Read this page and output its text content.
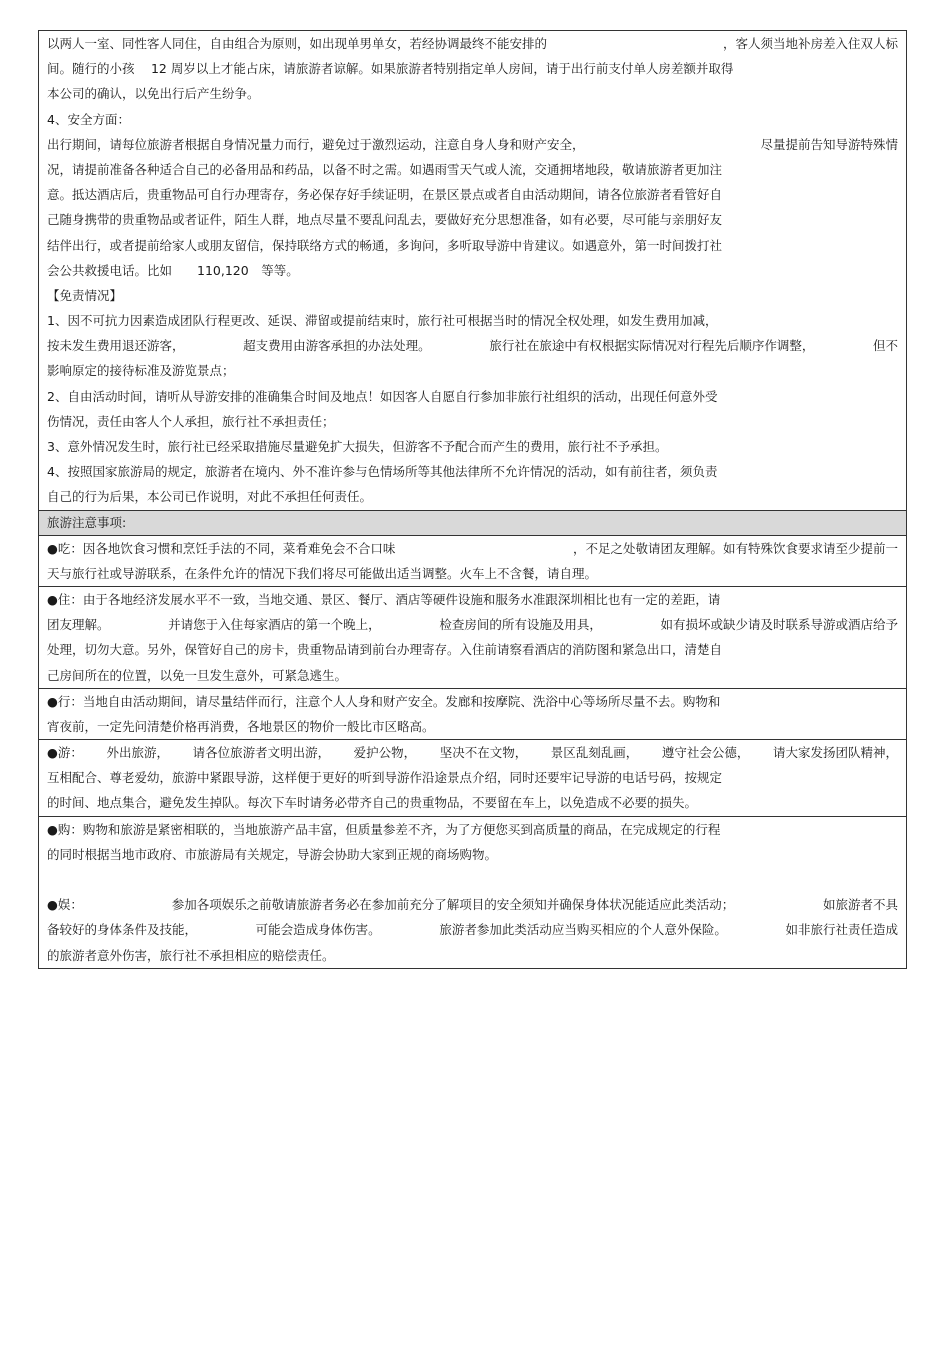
以两人一室、同性客人同住，自由组合为原则，如出现单男单女，若经协调最终不能安排的	，客人须当地补房差入住双人标
间。随行的小孩　 12 周岁以上才能占床，请旅游者谅解。如果旅游者特别指定单人房间，请于出行前支付单人房差额并取得
本公司的确认，以免出行后产生纷争。
4、安全方面：
出行期间，请每位旅游者根据自身情况量力而行，避免过于激烈运动，注意自身人身和财产安全，	尽量提前告知导游特殊情
况，请提前准备各种适合自己的必备用品和药品，以备不时之需。如遇雨雪天气或人流，交通拥堵地段，敬请旅游者更加注
意。抵达酒店后，贵重物品可自行办理寄存，务必保存好手续证明，在景区景点或者自由活动期间，请各位旅游者看管好自
己随身携带的贵重物品或者证件，陌生人群，地点尽量不要乱问乱去，要做好充分思想准备，如有必要，尽可能与亲朋好友
结伴出行，或者提前给家人或朋友留信，保持联络方式的畅通，多询问，多听取导游中肯建议。如遇意外，第一时间拨打社
会公共救援电话。比如　　110,120　等等。
【免责情况】
1、因不可抗力因素造成团队行程更改、延误、滞留或提前结束时，旅行社可根据当时的情况全权处理，如发生费用加减，
按未发生费用退还游客，	超支费用由游客承担的办法处理。	旅行社在旅途中有权根据实际情况对行程先后顺序作调整，	但不
影响原定的接待标准及游览景点；
2、自由活动时间，请听从导游安排的准确集合时间及地点！如因客人自愿自行参加非旅行社组织的活动，出现任何意外受
伤情况，责任由客人个人承担，旅行社不承担责任；
3、意外情况发生时，旅行社已经采取措施尽量避免扩大损失，但游客不予配合而产生的费用，旅行社不予承担。
4、按照国家旅游局的规定，旅游者在境内、外不准许参与色情场所等其他法律所不允许情况的活动，如有前往者，须负责
自己的行为后果，本公司已作说明，对此不承担任何责任。
旅游注意事项:
●吃：因各地饮食习惯和烹饪手法的不同，菜肴难免会不合口味	，不足之处敬请团友理解。如有特殊饮食要求请至少提前一
天与旅行社或导游联系，在条件允许的情况下我们将尽可能做出适当调整。火车上不含餐，请自理。
●住：由于各地经济发展水平不一致，当地交通、景区、餐厅、酒店等硬件设施和服务水准跟深圳相比也有一定的差距，请
团友理解。	并请您于入住每家酒店的第一个晚上，	检查房间的所有设施及用具，	如有损坏或缺少请及时联系导游或酒店给予
处理，切勿大意。另外，保管好自己的房卡，贵重物品请到前台办理寄存。入住前请察看酒店的消防图和紧急出口，清楚自
己房间所在的位置，以免一旦发生意外，可紧急逃生。
●行：当地自由活动期间，请尽量结伴而行，注意个人人身和财产安全。发廊和按摩院、洗浴中心等场所尽量不去。购物和
宵夜前，一定先问清楚价格再消费，各地景区的物价一般比市区略高。
●游： 外出旅游， 请各位旅游者文明出游， 爱护公物， 坚决不在文物， 景区乱刻乱画， 遵守社会公德， 请大家发扬团队精神，
互相配合、尊老爱幼，旅游中紧跟导游，这样便于更好的听到导游作沿途景点介绍，同时还要牢记导游的电话号码，按规定
的时间、地点集合，避免发生掉队。每次下车时请务必带齐自己的贵重物品，不要留在车上，以免造成不必要的损失。
●购：购物和旅游是紧密相联的，当地旅游产品丰富，但质量参差不齐，为了方便您买到高质量的商品，在完成规定的行程
的同时根据当地市政府、市旅游局有关规定，导游会协助大家到正规的商场购物。
●娱：	参加各项娱乐之前敬请旅游者务必在参加前充分了解项目的安全须知并确保身体状况能适应此类活动；	如旅游者不具
备较好的身体条件及技能，	可能会造成身体伤害。	旅游者参加此类活动应当购买相应的个人意外保险。	如非旅行社责任造成
的旅游者意外伤害，旅行社不承担相应的赔偿责任。
